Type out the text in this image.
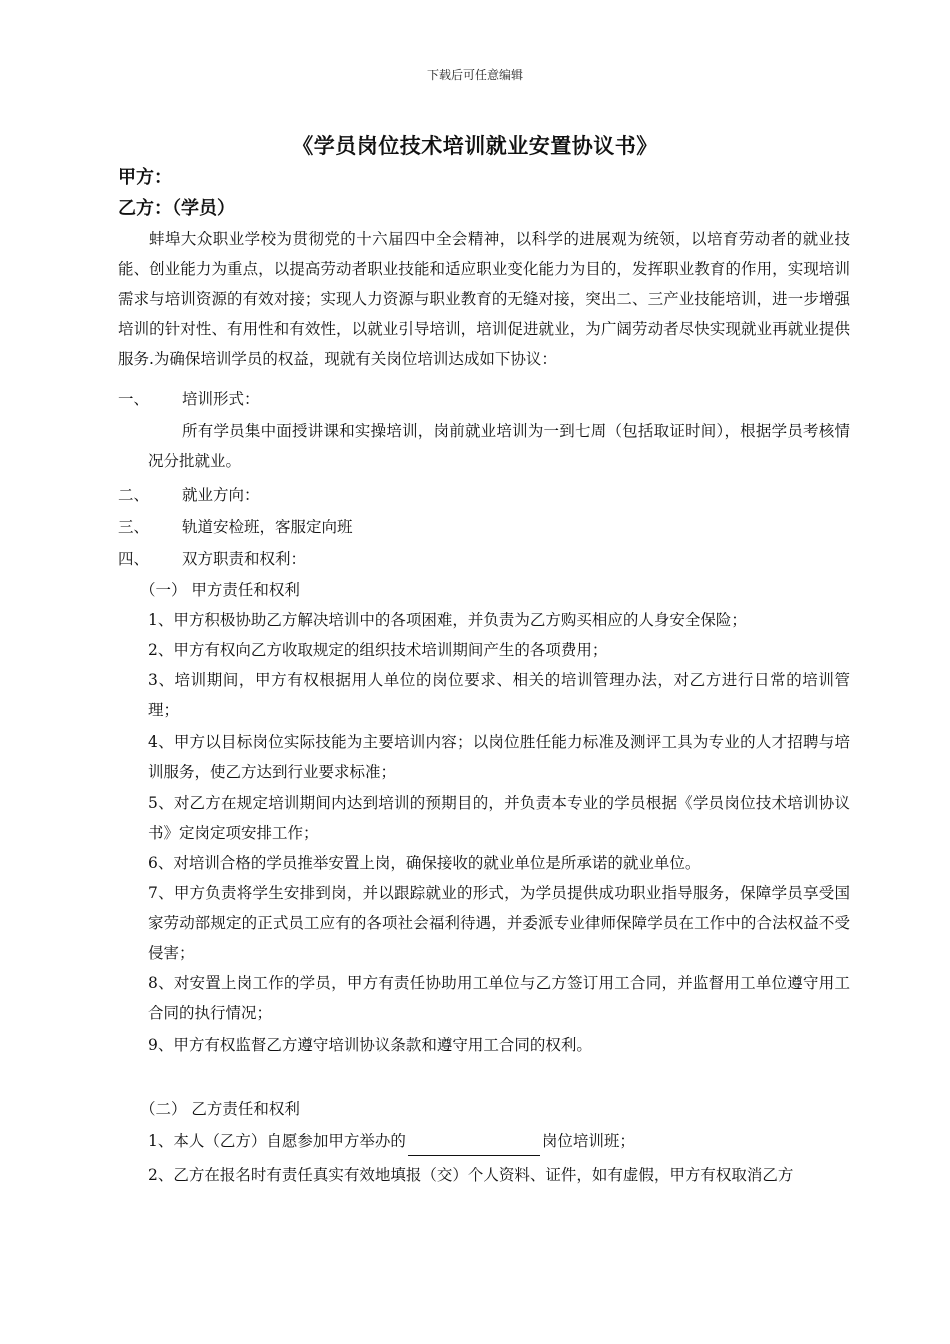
下载后可任意编辑
《学员岗位技术培训就业安置协议书》
甲方：
乙方：（学员）
蚌埠大众职业学校为贯彻党的十六届四中全会精神，以科学的进展观为统领，以培育劳动者的就业技能、创业能力为重点，以提高劳动者职业技能和适应职业变化能力为目的，发挥职业教育的作用，实现培训需求与培训资源的有效对接；实现人力资源与职业教育的无缝对接，突出二、三产业技能培训，进一步增强培训的针对性、有用性和有效性，以就业引导培训，培训促进就业，为广阔劳动者尽快实现就业再就业提供服务.为确保培训学员的权益，现就有关岗位培训达成如下协议：
一、 培训形式：
所有学员集中面授讲课和实操培训，岗前就业培训为一到七周（包括取证时间），根据学员考核情况分批就业。
二、 就业方向：
三、 轨道安检班，客服定向班
四、 双方职责和权利：
（一） 甲方责任和权利
1、甲方积极协助乙方解决培训中的各项困难，并负责为乙方购买相应的人身安全保险；
2、甲方有权向乙方收取规定的组织技术培训期间产生的各项费用；
3、培训期间，甲方有权根据用人单位的岗位要求、相关的培训管理办法，对乙方进行日常的培训管理；
4、甲方以目标岗位实际技能为主要培训内容；以岗位胜任能力标准及测评工具为专业的人才招聘与培训服务，使乙方达到行业要求标准；
5、对乙方在规定培训期间内达到培训的预期目的，并负责本专业的学员根据《学员岗位技术培训协议书》定岗定项安排工作；
6、对培训合格的学员推举安置上岗，确保接收的就业单位是所承诺的就业单位。
7、甲方负责将学生安排到岗，并以跟踪就业的形式，为学员提供成功职业指导服务，保障学员享受国家劳动部规定的正式员工应有的各项社会福利待遇，并委派专业律师保障学员在工作中的合法权益不受侵害；
8、对安置上岗工作的学员，甲方有责任协助用工单位与乙方签订用工合同，并监督用工单位遵守用工合同的执行情况；
9、甲方有权监督乙方遵守培训协议条款和遵守用工合同的权利。
（二） 乙方责任和权利
1、本人（乙方）自愿参加甲方举办的	岗位培训班；
2、乙方在报名时有责任真实有效地填报（交）个人资料、证件，如有虚假，甲方有权取消乙方
